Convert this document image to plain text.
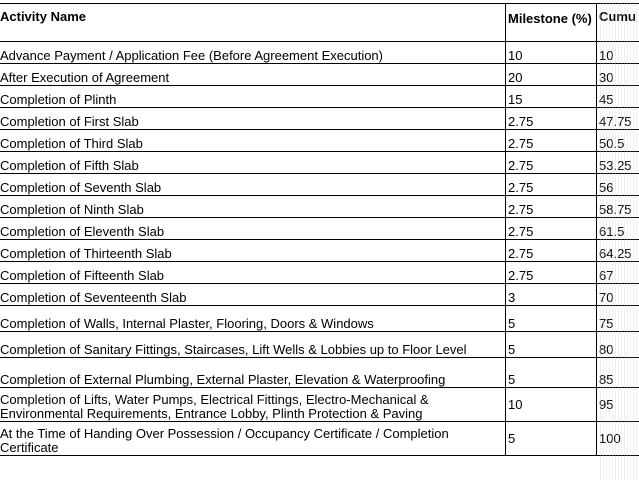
Activity Name	Milestone (%)	Cumu
Advance Payment / Application Fee (Before Agreement Execution)	10	10
After Execution of Agreement	20	30
Completion of Plinth	15	45
Completion of First Slab	2.75	47.75
Completion of Third Slab	2.75	50.5
Completion of Fifth Slab	2.75	53.25
Completion of Seventh Slab	2.75	56
Completion of Ninth Slab	2.75	58.75
Completion of Eleventh Slab	2.75	61.5
Completion of Thirteenth Slab	2.75	64.25
Completion of Fifteenth Slab	2.75	67
Completion of Seventeenth Slab	3	70
Completion of Walls, Internal Plaster, Flooring, Doors & Windows	5	75
Completion of Sanitary Fittings, Staircases, Lift Wells & Lobbies up to Floor Level	5	80
Completion of External Plumbing, External Plaster, Elevation & Waterproofing	5	85
Completion of Lifts, Water Pumps, Electrical Fittings, Electro-Mechanical & Environmental Requirements, Entrance Lobby, Plinth Protection & Paving	10	95
At the Time of Handing Over Possession / Occupancy Certificate / Completion Certificate	5	100
